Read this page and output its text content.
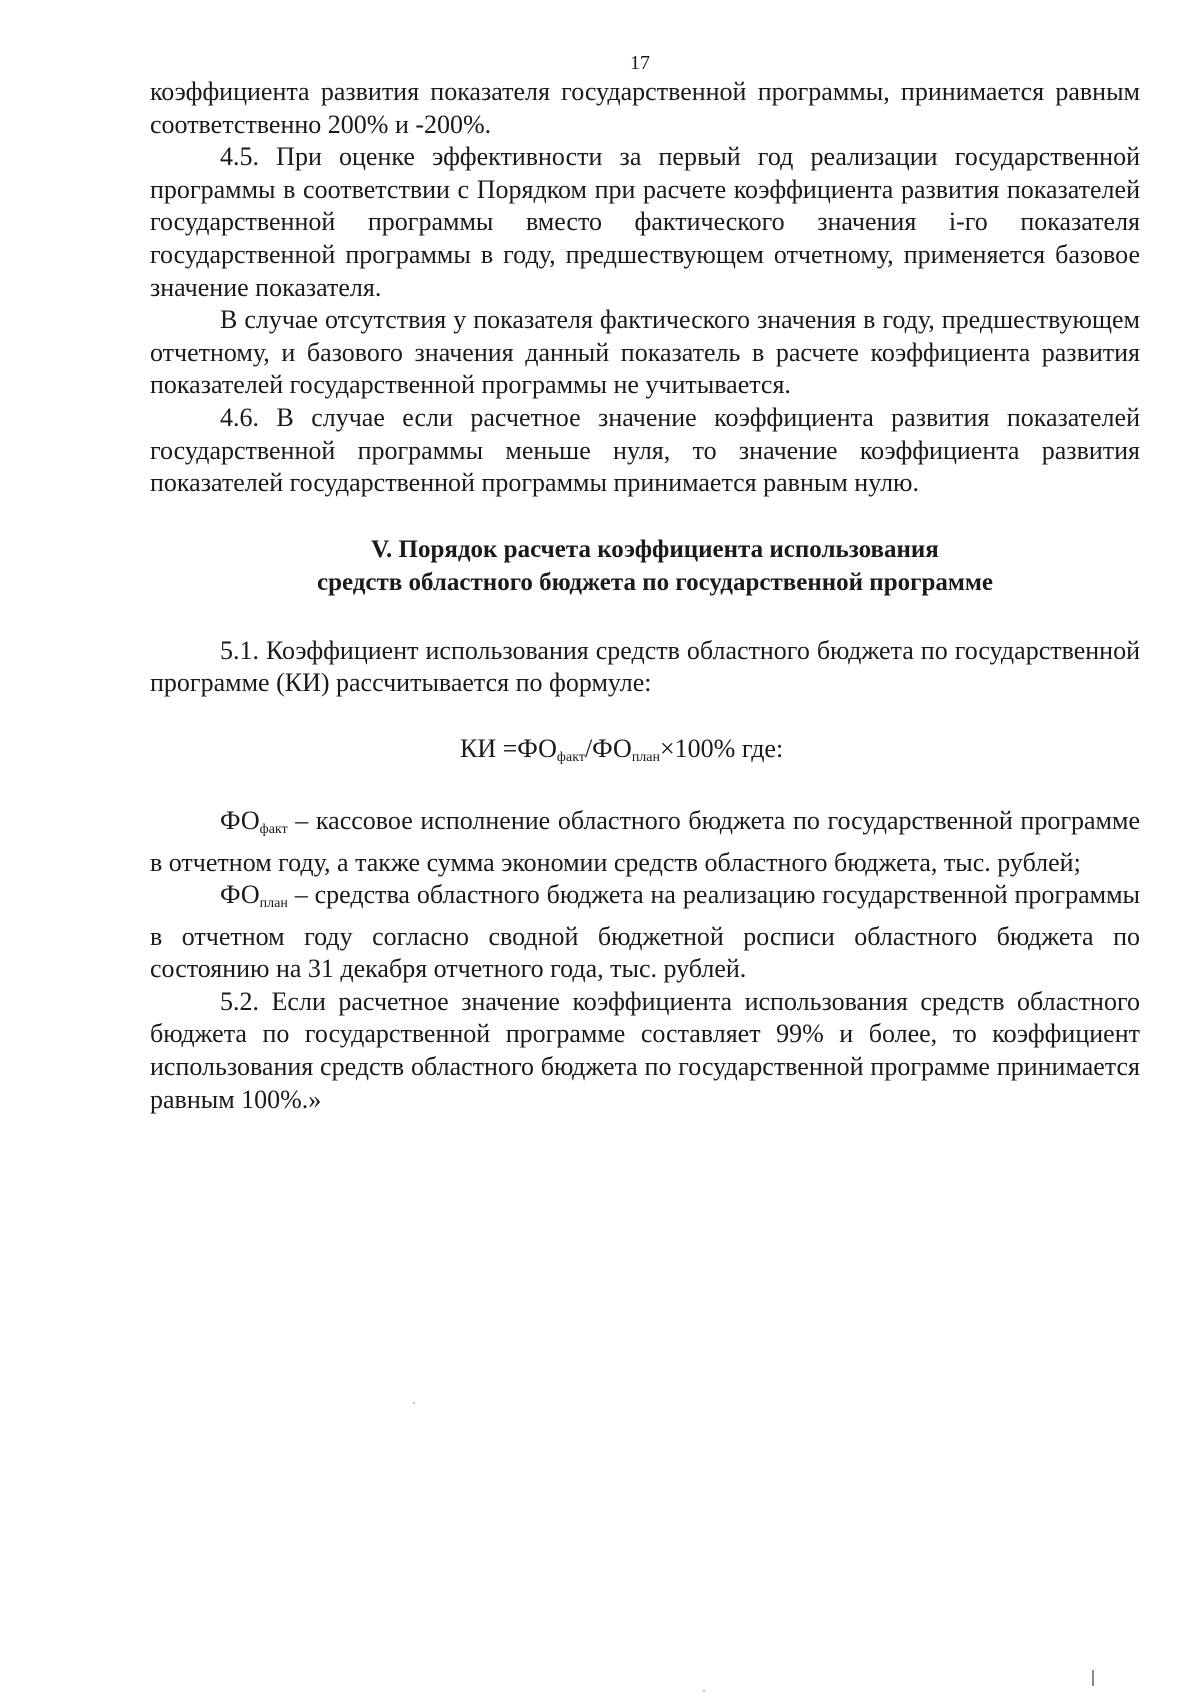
17

коэффициента развития показателя государственной программы, принимается равным соответственно 200% и -200%.

4.5. При оценке эффективности за первый год реализации государственной программы в соответствии с Порядком при расчете коэффициента развития показателей государственной программы вместо фактического значения i-го показателя государственной программы в году, предшествующем отчетному, применяется базовое значение показателя.

В случае отсутствия у показателя фактического значения в году, предшествующем отчетному, и базового значения данный показатель в расчете коэффициента развития показателей государственной программы не учитывается.

4.6. В случае если расчетное значение коэффициента развития показателей государственной программы меньше нуля, то значение коэффициента развития показателей государственной программы принимается равным нулю.

V. Порядок расчета коэффициента использования
средств областного бюджета по государственной программе

5.1. Коэффициент использования средств областного бюджета по государственной программе (КИ) рассчитывается по формуле:

КИ $=ФО_{факт}/ФО_{план}\times 100\%$ где:

$ФО_{факт}$ – кассовое исполнение областного бюджета по государственной программе в отчетном году, а также сумма экономии средств областного бюджета, тыс. рублей;

$ФО_{план}$ – средства областного бюджета на реализацию государственной программы в отчетном году согласно сводной бюджетной росписи областного бюджета по состоянию на 31 декабря отчетного года, тыс. рублей.

5.2. Если расчетное значение коэффициента использования средств областного бюджета по государственной программе составляет 99% и более, то коэффициент использования средств областного бюджета по государственной программе принимается равным 100%.»
